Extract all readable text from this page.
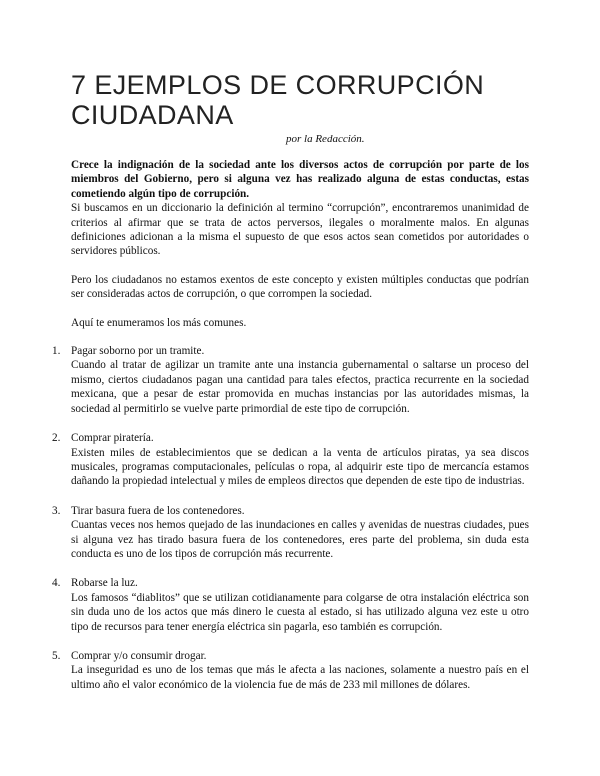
7 EJEMPLOS DE CORRUPCIÓN CIUDADANA
por la Redacción.

Crece la indignación de la sociedad ante los diversos actos de corrupción por parte de los miembros del Gobierno, pero si alguna vez has realizado alguna de estas conductas, estas cometiendo algún tipo de corrupción.

Si buscamos en un diccionario la definición al termino “corrupción”, encontraremos unanimidad de criterios al afirmar que se trata de actos perversos, ilegales o moralmente malos. En algunas definiciones adicionan a la misma el supuesto de que esos actos sean cometidos por autoridades o servidores públicos.

Pero los ciudadanos no estamos exentos de este concepto y existen múltiples conductas que podrían ser consideradas actos de corrupción, o que corrompen la sociedad.

Aquí te enumeramos los más comunes.

1. Pagar soborno por un tramite.

Cuando al tratar de agilizar un tramite ante una instancia gubernamental o saltarse un proceso del mismo, ciertos ciudadanos pagan una cantidad para tales efectos, practica recurrente en la sociedad mexicana, que a pesar de estar promovida en muchas instancias por las autoridades mismas, la sociedad al permitirlo se vuelve parte primordial de este tipo de corrupción.

2. Comprar piratería.

Existen miles de establecimientos que se dedican a la venta de artículos piratas, ya sea discos musicales, programas computacionales, películas o ropa, al adquirir este tipo de mercancía estamos dañando la propiedad intelectual y miles de empleos directos que dependen de este tipo de industrias.

3. Tirar basura fuera de los contenedores.

Cuantas veces nos hemos quejado de las inundaciones en calles y avenidas de nuestras ciudades, pues si alguna vez has tirado basura fuera de los contenedores, eres parte del problema, sin duda esta conducta es uno de los tipos de corrupción más recurrente.

4. Robarse la luz.

Los famosos “diablitos” que se utilizan cotidianamente para colgarse de otra instalación eléctrica son sin duda uno de los actos que más dinero le cuesta al estado, si has utilizado alguna vez este u otro tipo de recursos para tener energía eléctrica sin pagarla, eso también es corrupción.

5. Comprar y/o consumir drogar.

La inseguridad es uno de los temas que más le afecta a las naciones, solamente a nuestro país en el ultimo año el valor económico de la violencia fue de más de 233 mil millones de dólares.
